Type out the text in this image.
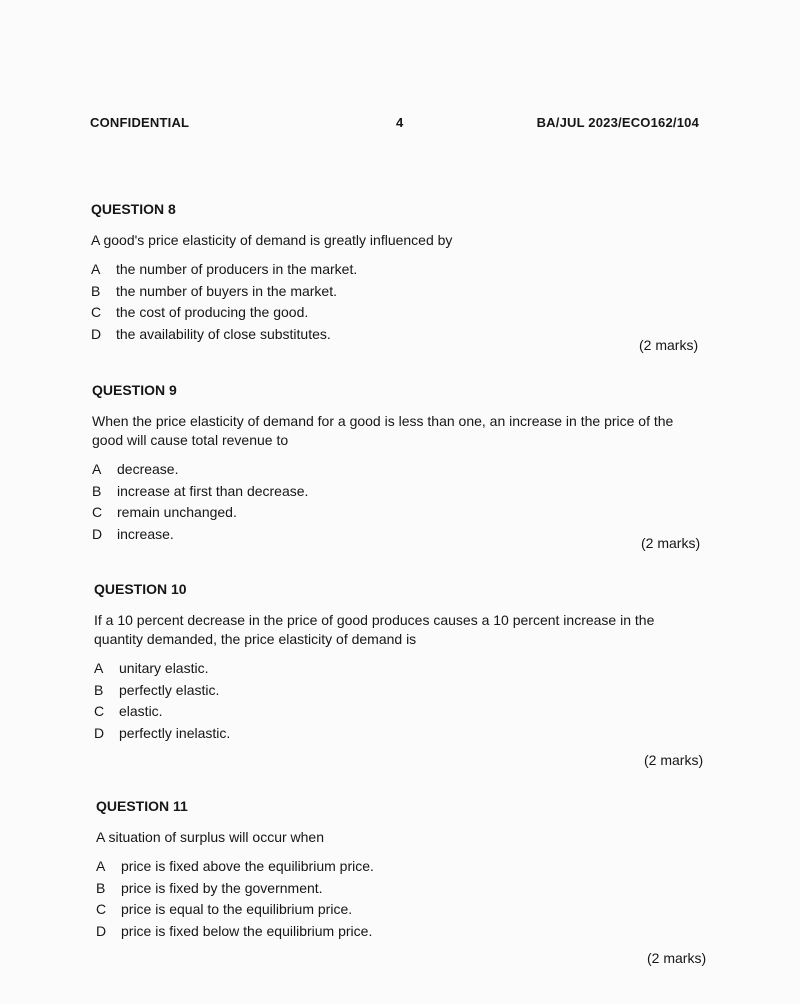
CONFIDENTIAL	4	BA/JUL 2023/ECO162/104
QUESTION 8
A good's price elasticity of demand is greatly influenced by
A	the number of producers in the market.
B	the number of buyers in the market.
C	the cost of producing the good.
D	the availability of close substitutes.
(2 marks)
QUESTION 9
When the price elasticity of demand for a good is less than one, an increase in the price of the good will cause total revenue to
A	decrease.
B	increase at first than decrease.
C	remain unchanged.
D	increase.
(2 marks)
QUESTION 10
If a 10 percent decrease in the price of good produces causes a 10 percent increase in the quantity demanded, the price elasticity of demand is
A	unitary elastic.
B	perfectly elastic.
C	elastic.
D	perfectly inelastic.
(2 marks)
QUESTION 11
A situation of surplus will occur when
A	price is fixed above the equilibrium price.
B	price is fixed by the government.
C	price is equal to the equilibrium price.
D	price is fixed below the equilibrium price.
(2 marks)
